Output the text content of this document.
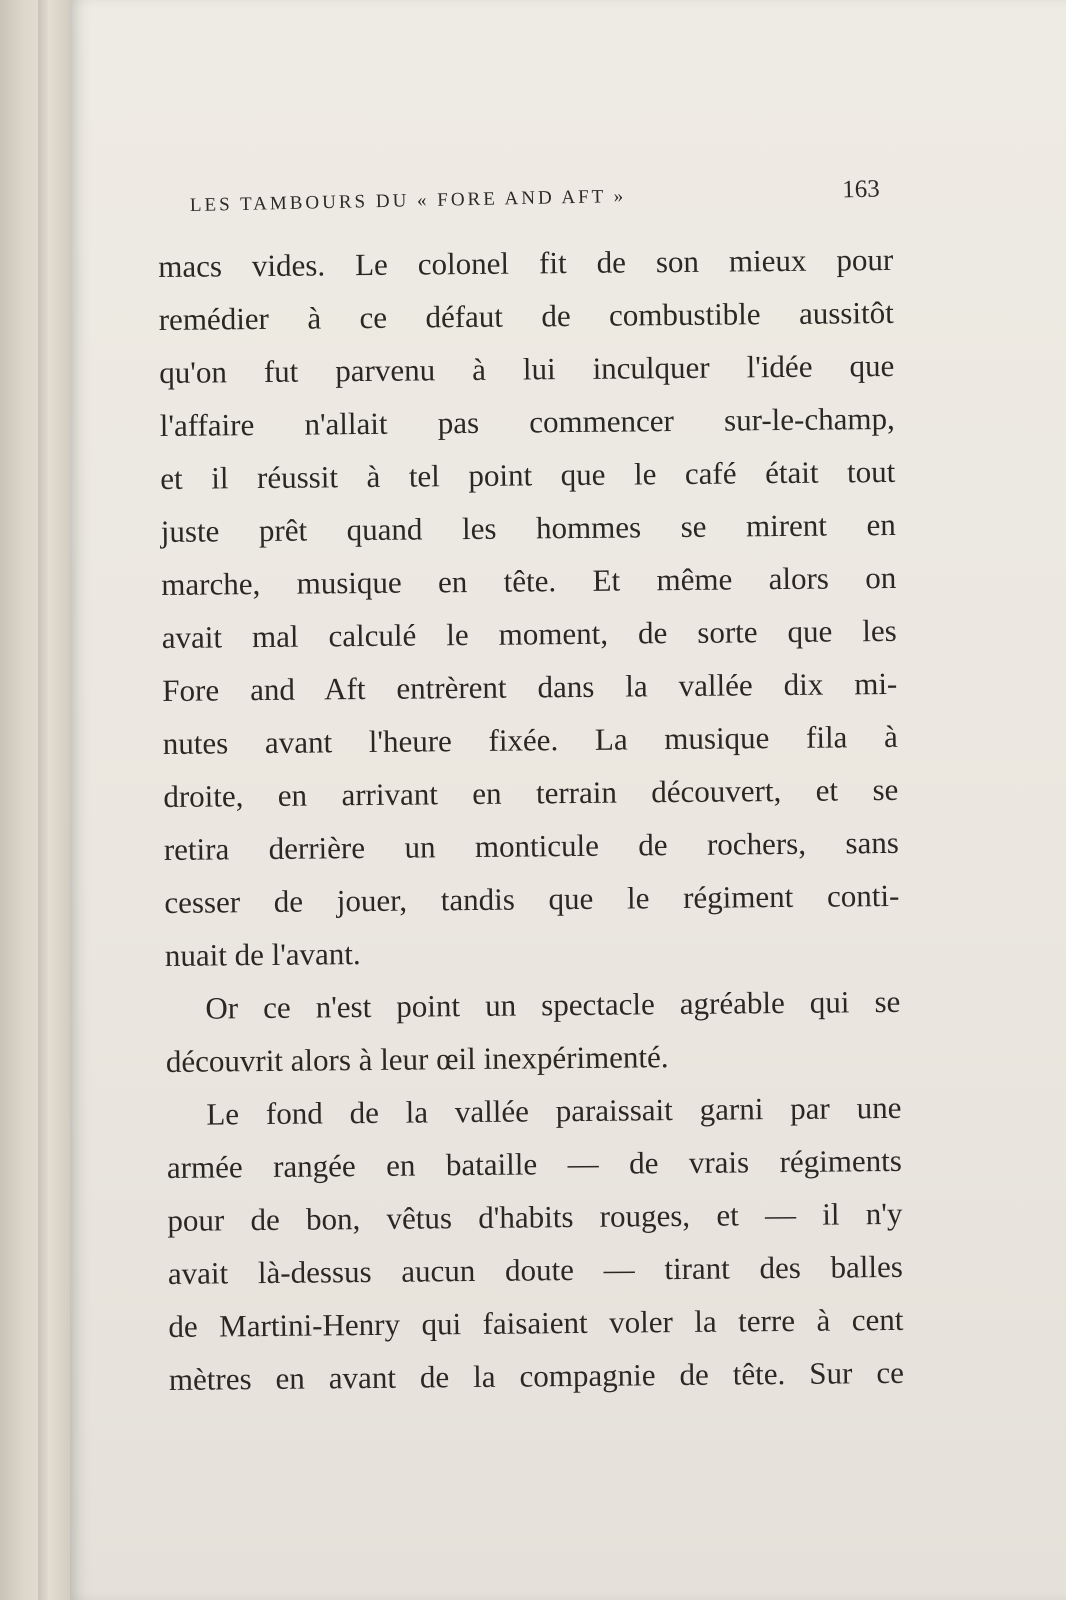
LES TAMBOURS DU « FORE AND AFT »	163
macs vides. Le colonel fit de son mieux pour
remédier à ce défaut de combustible aussitôt
qu'on fut parvenu à lui inculquer l'idée que
l'affaire n'allait pas commencer sur-le-champ,
et il réussit à tel point que le café était tout
juste prêt quand les hommes se mirent en
marche, musique en tête. Et même alors on
avait mal calculé le moment, de sorte que les
Fore and Aft entrèrent dans la vallée dix mi-
nutes avant l'heure fixée. La musique fila à
droite, en arrivant en terrain découvert, et se
retira derrière un monticule de rochers, sans
cesser de jouer, tandis que le régiment conti-
nuait de l'avant.
Or ce n'est point un spectacle agréable qui se
découvrit alors à leur œil inexpérimenté.
Le fond de la vallée paraissait garni par une
armée rangée en bataille — de vrais régiments
pour de bon, vêtus d'habits rouges, et — il n'y
avait là-dessus aucun doute — tirant des balles
de Martini-Henry qui faisaient voler la terre à cent
mètres en avant de la compagnie de tête. Sur ce
